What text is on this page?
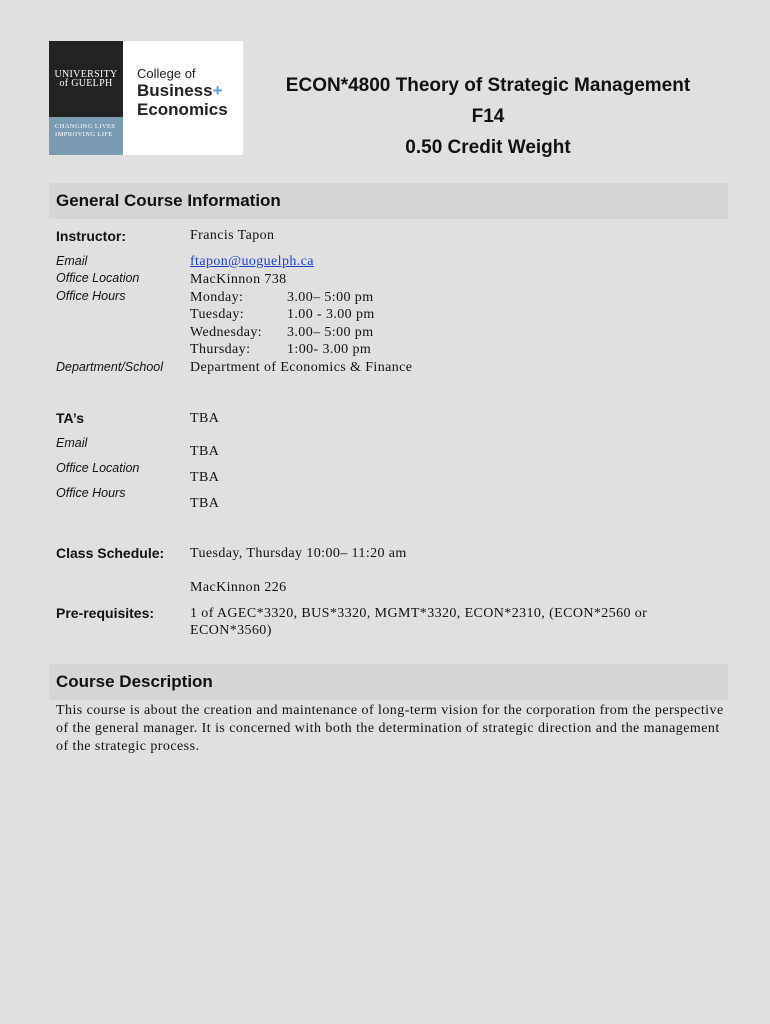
UNIVERSITY of GUELPH
CHANGING LIVES
IMPROVING LIFE
College of
Business+
Economics
ECON*4800 Theory of Strategic Management
F14
0.50 Credit Weight
General Course Information
Instructor:	Francis Tapon
Email	ftapon@uoguelph.ca
Office Location	MacKinnon 738
Office Hours	Monday:	3.00– 5:00 pm
Tuesday:	1.00 - 3.00 pm
Wednesday: 3.00– 5:00 pm
Thursday:	1:00- 3.00 pm
Department/School Department of Economics & Finance
TA’s	TBA
Email
TBA
Office Location
TBA
Office Hours
TBA
Class Schedule: Tuesday, Thursday 10:00– 11:20 am
MacKinnon 226
Pre-requisites:	1 of AGEC*3320, BUS*3320, MGMT*3320, ECON*2310, (ECON*2560 or ECON*3560)
Course Description
This course is about the creation and maintenance of long-term vision for the corporation from the perspective of the general manager. It is concerned with both the determination of strategic direction and the management of the strategic process.
